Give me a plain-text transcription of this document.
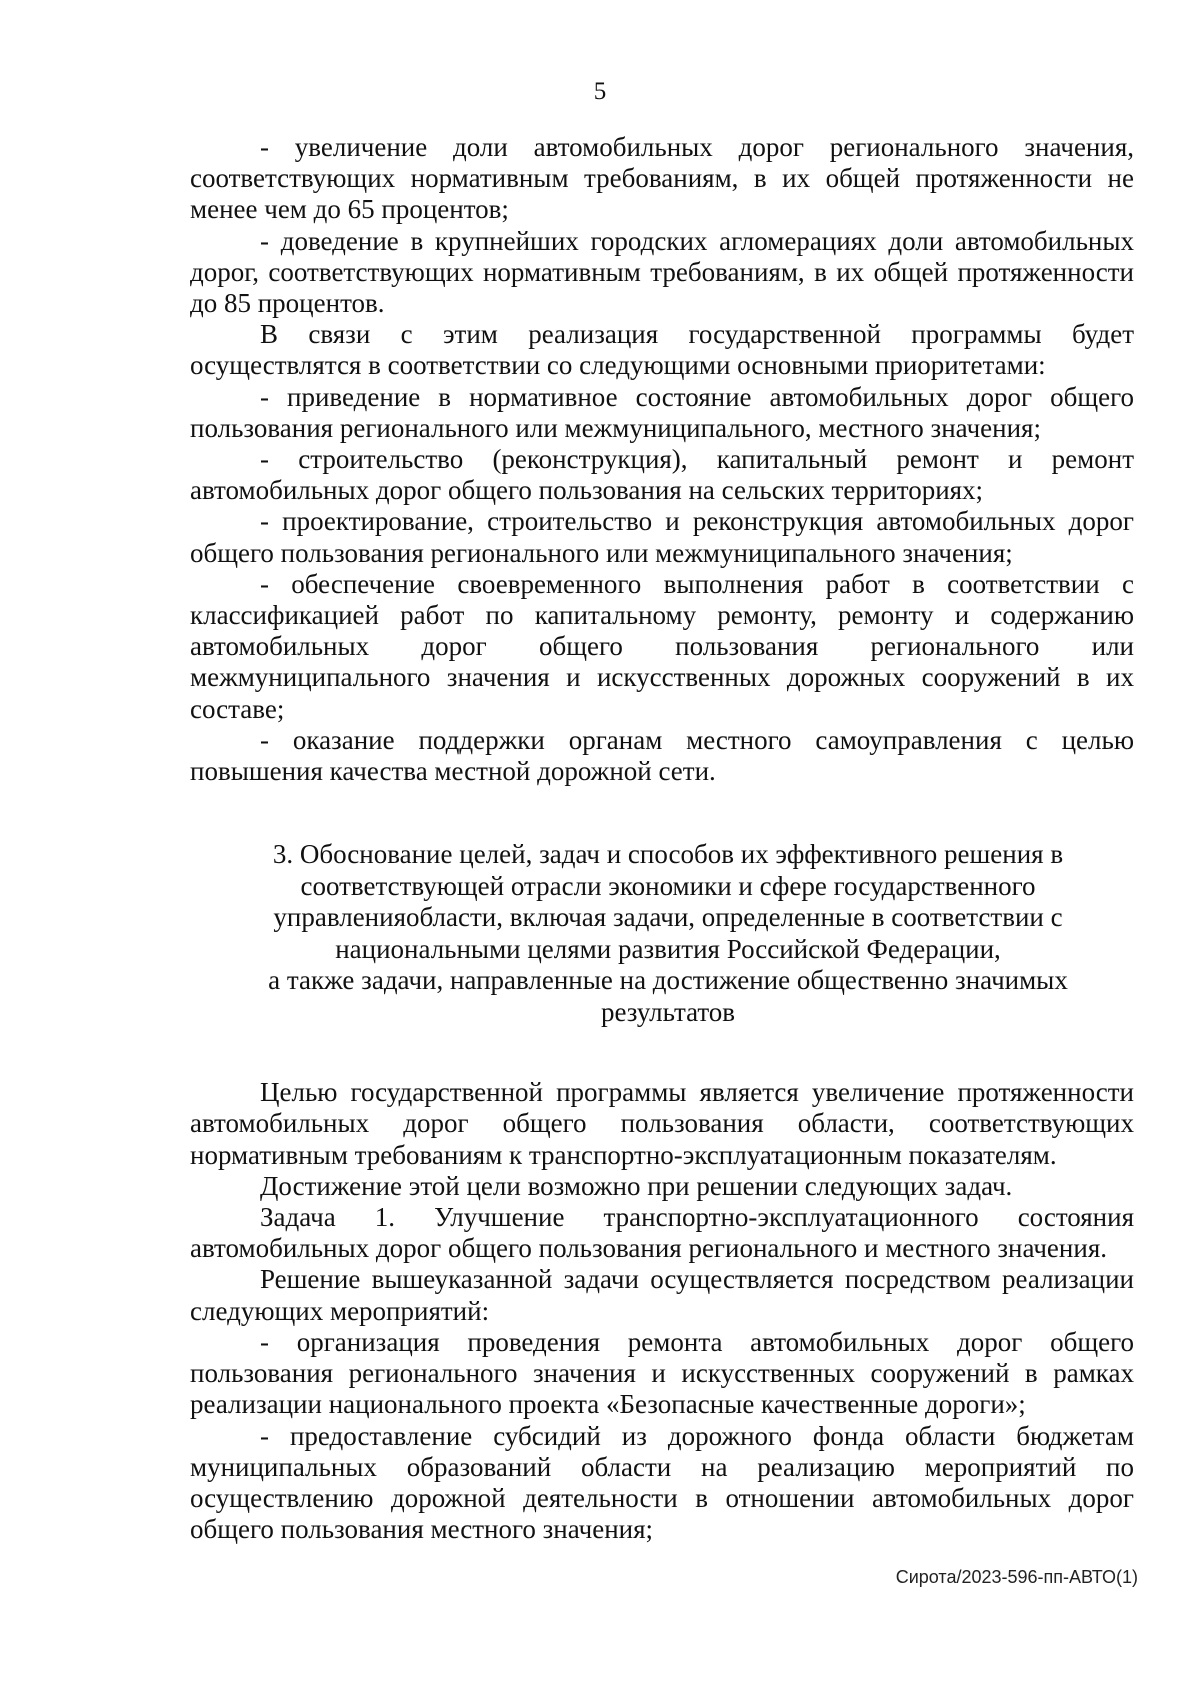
5

- увеличение доли автомобильных дорог регионального значения, соответствующих нормативным требованиям, в их общей протяженности не менее чем до 65 процентов;

- доведение в крупнейших городских агломерациях доли автомобильных дорог, соответствующих нормативным требованиям, в их общей протяженности до 85 процентов.

В связи с этим реализация государственной программы будет осуществлятся в соответствии со следующими основными приоритетами:

- приведение в нормативное состояние автомобильных дорог общего пользования регионального или межмуниципального, местного значения;

- строительство (реконструкция), капитальный ремонт и ремонт автомобильных дорог общего пользования на сельских территориях;

- проектирование, строительство и реконструкция автомобильных дорог общего пользования регионального или межмуниципального значения;

- обеспечение своевременного выполнения работ в соответствии с классификацией работ по капитальному ремонту, ремонту и содержанию автомобильных дорог общего пользования регионального или межмуниципального значения и искусственных дорожных сооружений в их составе;

- оказание поддержки органам местного самоуправления с целью повышения качества местной дорожной сети.

3. Обоснование целей, задач и способов их эффективного решения в
соответствующей отрасли экономики и сфере государственного
управленияобласти, включая задачи, определенные в соответствии с
национальными целями развития Российской Федерации,
а также задачи, направленные на достижение общественно значимых
результатов

Целью государственной программы является увеличение протяженности автомобильных дорог общего пользования области, соответствующих нормативным требованиям к транспортно-эксплуатационным показателям.

Достижение этой цели возможно при решении следующих задач.

Задача 1. Улучшение транспортно-эксплуатационного состояния автомобильных дорог общего пользования регионального и местного значения.

Решение вышеуказанной задачи осуществляется посредством реализации следующих мероприятий:

- организация проведения ремонта автомобильных дорог общего пользования регионального значения и искусственных сооружений в рамках реализации национального проекта «Безопасные качественные дороги»;

- предоставление субсидий из дорожного фонда области бюджетам муниципальных образований области на реализацию мероприятий по осуществлению дорожной деятельности в отношении автомобильных дорог общего пользования местного значения;

Сирота/2023-596-пп-АВТО(1)
